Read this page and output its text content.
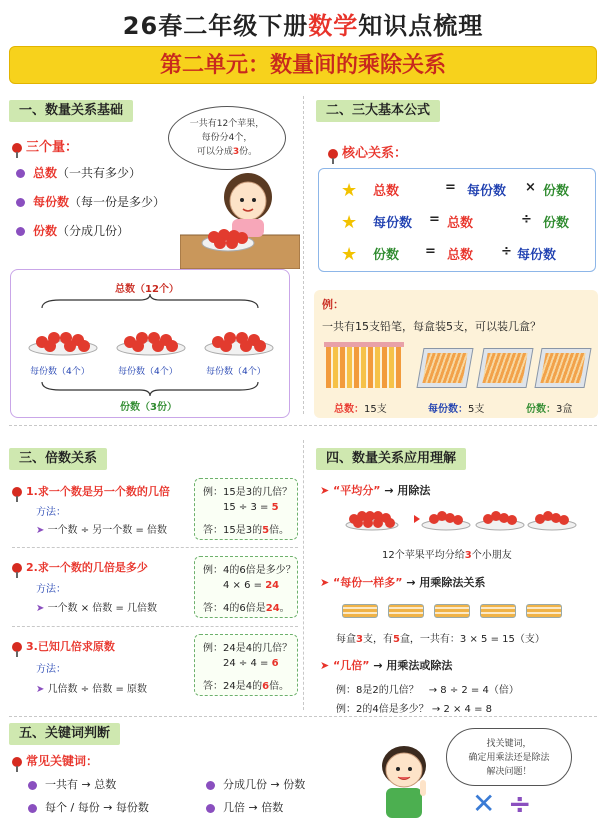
26春二年级下册数学知识点梳理
第二单元：数量间的乘除关系
一、数量关系基础
三个量：
总数（一共有多少）
每份数（每一份是多少）
份数（分成几份）
一共有12个苹果，
每份分4个，
可以分成3份。
总数（12个）
每份数（4个）	每份数（4个）	每份数（4个）
份数（3份）
二、三大基本公式
核心关系：
★ 总数	= 每份数 × 份数
★ 每份数 = 总数	÷ 份数
★ 份数 = 总数 ÷ 每份数
例：
一共有15支铅笔，每盒装5支，可以装几盒？
总数：15支	每份数：5支	份数：3盒
三、倍数关系
1.求一个数是另一个数的几倍
方法：
➤ 一个数 ÷ 另一个数 = 倍数
例：15是3的几倍？
15 ÷ 3 = 5
答：15是3的5倍。
2.求一个数的几倍是多少
方法：
➤ 一个数 × 倍数 = 几倍数
例：4的6倍是多少？
4 × 6 = 24
答：4的6倍是24。
3.已知几倍求原数
方法：
➤ 几倍数 ÷ 倍数 = 原数
例：24是4的几倍？
24 ÷ 4 = 6
答：24是4的6倍。
四、数量关系应用理解
➤ “平均分” → 用除法
12个苹果平均分给3个小朋友
➤ “每份一样多” → 用乘除法关系
每盒3支，有5盒，一共有：3 × 5 = 15（支）
➤ “几倍” → 用乘法或除法
例：8是2的几倍？　→ 8 ÷ 2 = 4（倍）
例：2的4倍是多少？ → 2 × 4 = 8
五、关键词判断
常见关键词：
一共有 → 总数	分成几份 → 份数
每个 / 每份 → 每份数	几倍 → 倍数
找关键词，
确定用乘法还是除法
解决问题！
✕ ÷
